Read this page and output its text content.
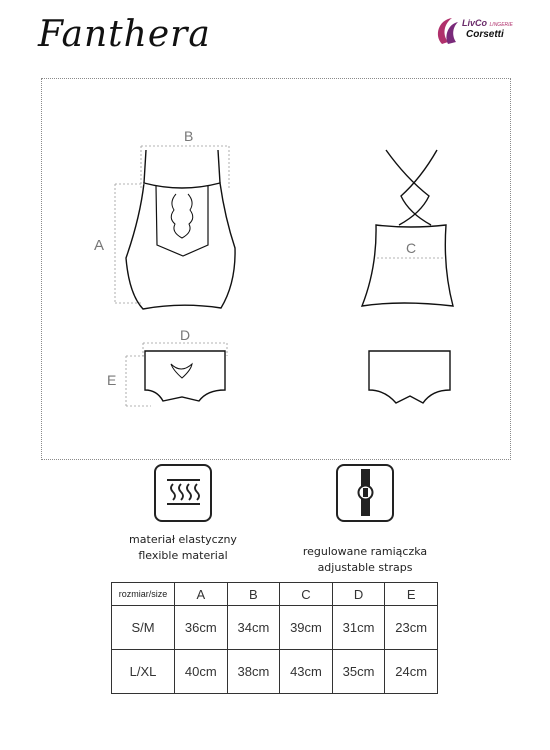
Fanthera	LivCo LINGERIE
Corsetti
B
A	C
D
E
materiał elastyczny
flexible material	regulowane ramiączka
adjustable straps
rozmiar/size	A	B	C	D	E
S/M	36cm	34cm	39cm	31cm	23cm
L/XL	40cm	38cm	43cm	35cm	24cm
